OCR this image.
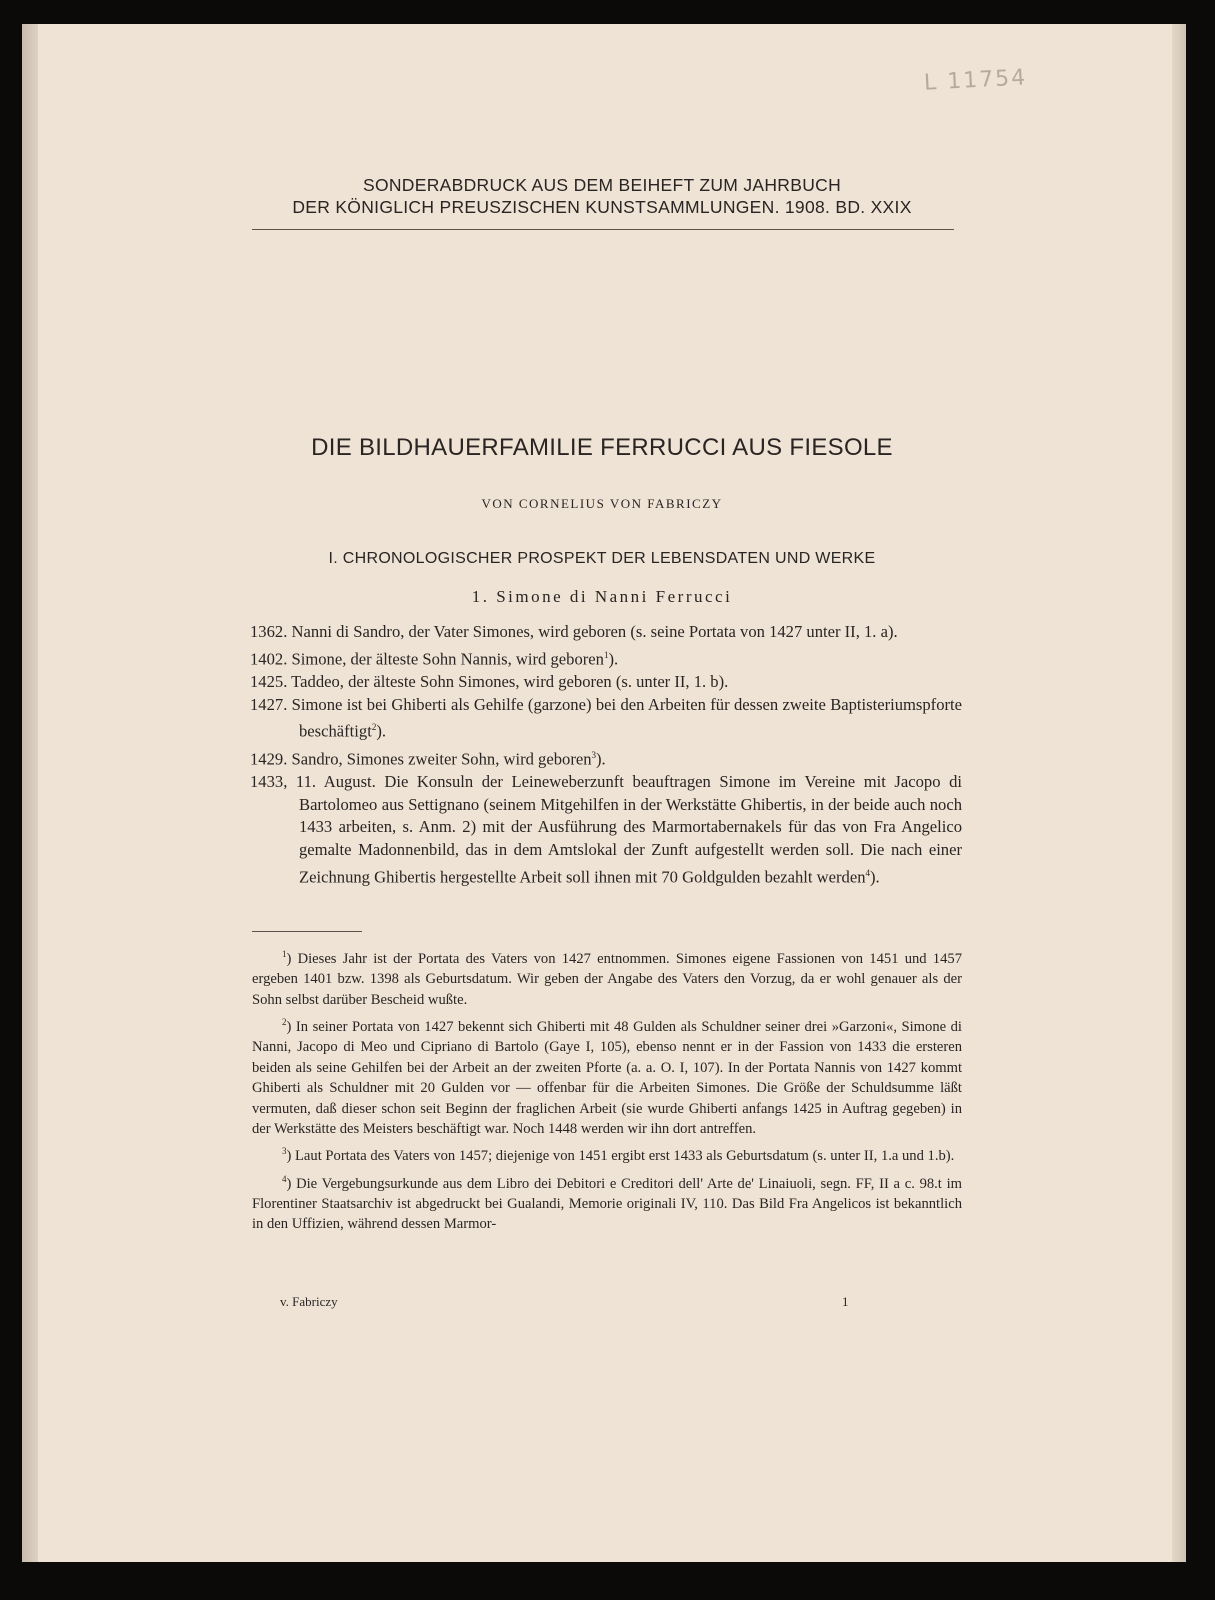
L 11754
SONDERABDRUCK AUS DEM BEIHEFT ZUM JAHRBUCH
DER KÖNIGLICH PREUSZISCHEN KUNSTSAMMLUNGEN. 1908. BD. XXIX
DIE BILDHAUERFAMILIE FERRUCCI AUS FIESOLE
VON CORNELIUS VON FABRICZY
I. CHRONOLOGISCHER PROSPEKT DER LEBENSDATEN UND WERKE
1. Simone di Nanni Ferrucci
1362. Nanni di Sandro, der Vater Simones, wird geboren (s. seine Portata von 1427 unter II, 1. a).
1402. Simone, der älteste Sohn Nannis, wird geboren$^1$).
1425. Taddeo, der älteste Sohn Simones, wird geboren (s. unter II, 1. b).
1427. Simone ist bei Ghiberti als Gehilfe (garzone) bei den Arbeiten für dessen zweite Baptisteriumspforte beschäftigt$^2$).
1429. Sandro, Simones zweiter Sohn, wird geboren$^3$).
1433, 11. August. Die Konsuln der Leineweberzunft beauftragen Simone im Vereine mit Jacopo di Bartolomeo aus Settignano (seinem Mitgehilfen in der Werkstätte Ghibertis, in der beide auch noch 1433 arbeiten, s. Anm. 2) mit der Ausführung des Marmortabernakels für das von Fra Angelico gemalte Madonnenbild, das in dem Amtslokal der Zunft aufgestellt werden soll. Die nach einer Zeichnung Ghibertis hergestellte Arbeit soll ihnen mit 70 Goldgulden bezahlt werden$^4$).
$^1$) Dieses Jahr ist der Portata des Vaters von 1427 entnommen. Simones eigene Fassionen von 1451 und 1457 ergeben 1401 bzw. 1398 als Geburtsdatum. Wir geben der Angabe des Vaters den Vorzug, da er wohl genauer als der Sohn selbst darüber Bescheid wußte.
$^2$) In seiner Portata von 1427 bekennt sich Ghiberti mit 48 Gulden als Schuldner seiner drei »Garzoni«, Simone di Nanni, Jacopo di Meo und Cipriano di Bartolo (Gaye I, 105), ebenso nennt er in der Fassion von 1433 die ersteren beiden als seine Gehilfen bei der Arbeit an der zweiten Pforte (a. a. O. I, 107). In der Portata Nannis von 1427 kommt Ghiberti als Schuldner mit 20 Gulden vor — offenbar für die Arbeiten Simones. Die Größe der Schuldsumme läßt vermuten, daß dieser schon seit Beginn der fraglichen Arbeit (sie wurde Ghiberti anfangs 1425 in Auftrag gegeben) in der Werkstätte des Meisters beschäftigt war. Noch 1448 werden wir ihn dort antreffen.
$^3$) Laut Portata des Vaters von 1457; diejenige von 1451 ergibt erst 1433 als Geburtsdatum (s. unter II, 1.a und 1.b).
$^4$) Die Vergebungsurkunde aus dem Libro dei Debitori e Creditori dell' Arte de' Linaiuoli, segn. FF, II a c. 98.t im Florentiner Staatsarchiv ist abgedruckt bei Gualandi, Memorie originali IV, 110. Das Bild Fra Angelicos ist bekanntlich in den Uffizien, während dessen Marmor-
v. Fabriczy	1
